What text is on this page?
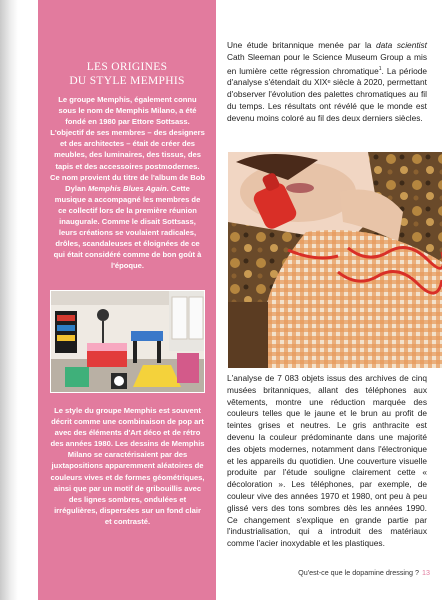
LES ORIGINES
DU STYLE MEMPHIS
Le groupe Memphis, également connu sous le nom de Memphis Milano, a été fondé en 1980 par Ettore Sottsass. L'objectif de ses membres – des designers et des architectes – était de créer des meubles, des luminaires, des tissus, des tapis et des accessoires postmodernes. Ce nom provient du titre de l'album de Bob Dylan Memphis Blues Again. Cette musique a accompagné les membres de ce collectif lors de la première réunion inaugurale. Comme le disait Sottsass, leurs créations se voulaient radicales, drôles, scandaleuses et éloignées de ce qui était considéré comme de bon goût à l'époque.
Le style du groupe Memphis est souvent décrit comme une combinaison de pop art avec des éléments d'Art déco et de rétro des années 1980. Les dessins de Memphis Milano se caractérisaient par des juxtapositions apparemment aléatoires de couleurs vives et de formes géométriques, ainsi que par un motif de gribouillis avec des lignes sombres, ondulées et irrégulières, dispersées sur un fond clair et contrasté.
Une étude britannique menée par la data scientist Cath Sleeman pour le Science Museum Group a mis en lumière cette régression chromatique$^1$. La période d'analyse s'étendait du XIXᵉ siècle à 2020, permettant d'observer l'évolution des palettes chromatiques au fil du temps. Les résultats ont révélé que le monde est devenu moins coloré au fil des deux derniers siècles.
L'analyse de 7 083 objets issus des archives de cinq musées britanniques, allant des téléphones aux vêtements, montre une réduction marquée des couleurs telles que le jaune et le brun au profit de teintes grises et neutres. Le gris anthracite est devenu la couleur prédominante dans une majorité des objets modernes, notamment dans l'électronique et les appareils du quotidien. Une couverture visuelle produite par l'étude souligne clairement cette « décoloration ». Les téléphones, par exemple, de couleur vive des années 1970 et 1980, ont peu à peu glissé vers des tons sombres dès les années 1990. Ce changement s'explique en grande partie par l'industrialisation, qui a introduit des matériaux comme l'acier inoxydable et les plastiques.
Qu'est-ce que le dopamine dressing ? 13
